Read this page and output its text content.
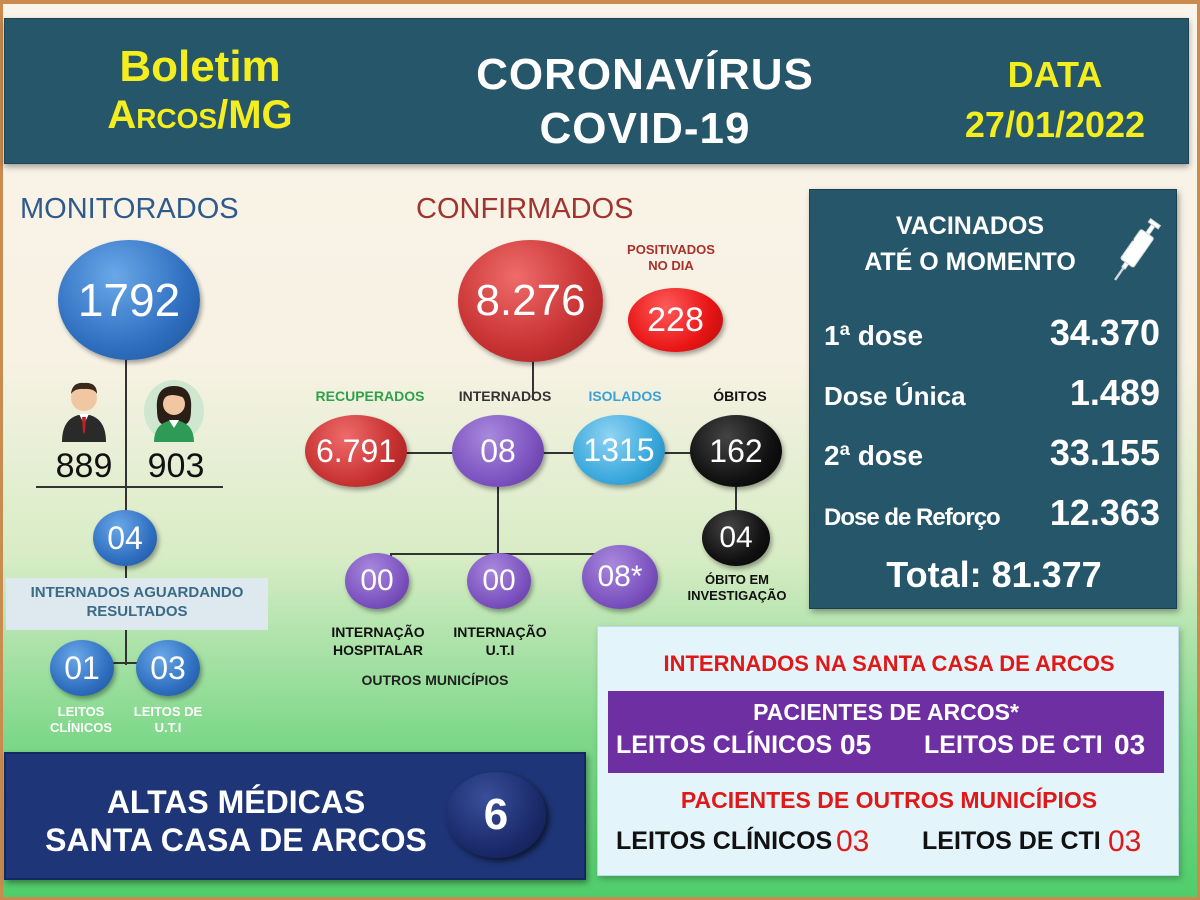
Boletim
Arcos/MG
CORONAVÍRUS
COVID-19
DATA
27/01/2022
MONITORADOS
1792
889	903
04
INTERNADOS AGUARDANDO RESULTADOS
01	03
LEITOS CLÍNICOS
LEITOS DE U.T.I
CONFIRMADOS
8.276
POSITIVADOS NO DIA
228
RECUPERADOS	INTERNADOS	ISOLADOS	ÓBITOS
6.791	08	1315	162
04
ÓBITO EM INVESTIGAÇÃO
00	00	08*
INTERNAÇÃO HOSPITALAR
INTERNAÇÃO U.T.I
OUTROS MUNICÍPIOS
VACINADOS
ATÉ O MOMENTO
1ª dose	34.370
Dose Única	1.489
2ª dose	33.155
Dose de Reforço 12.363
Total: 81.377
ALTAS MÉDICAS
SANTA CASA DE ARCOS
6
INTERNADOS NA SANTA CASA DE ARCOS
PACIENTES DE ARCOS*
LEITOS CLÍNICOS 05 LEITOS DE CTI 03
PACIENTES DE OUTROS MUNICÍPIOS
LEITOS CLÍNICOS 03 LEITOS DE CTI 03
